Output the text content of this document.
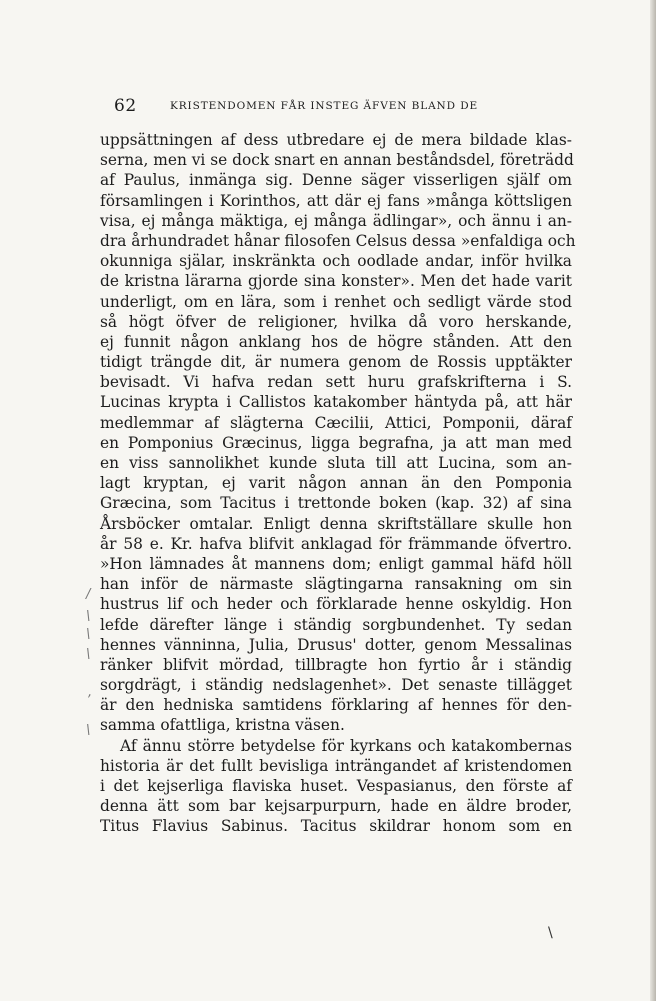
62	KRISTENDOMEN FÅR INSTEG ÄFVEN BLAND DE
uppsättningen af dess utbredare ej de mera bildade klas-
serna, men vi se dock snart en annan beståndsdel, företrädd
af Paulus, inmänga sig. Denne säger visserligen själf om
församlingen i Korinthos, att där ej fans »många köttsligen
visa, ej många mäktiga, ej många ädlingar», och ännu i an-
dra århundradet hånar filosofen Celsus dessa »enfaldiga och
okunniga själar, inskränkta och oodlade andar, inför hvilka
de kristna lärarna gjorde sina konster». Men det hade varit
underligt, om en lära, som i renhet och sedligt värde stod
så högt öfver de religioner, hvilka då voro herskande,
ej funnit någon anklang hos de högre stånden. Att den
tidigt trängde dit, är numera genom de Rossis upptäkter
bevisadt. Vi hafva redan sett huru grafskrifterna i S.
Lucinas krypta i Callistos katakomber häntyda på, att här
medlemmar af slägterna Cæcilii, Attici, Pomponii, däraf
en Pomponius Græcinus, ligga begrafna, ja att man med
en viss sannolikhet kunde sluta till att Lucina, som an-
lagt kryptan, ej varit någon annan än den Pomponia
Græcina, som Tacitus i trettonde boken (kap. 32) af sina
Årsböcker omtalar. Enligt denna skriftställare skulle hon
år 58 e. Kr. hafva blifvit anklagad för främmande öfvertro.
»Hon lämnades åt mannens dom; enligt gammal häfd höll
han inför de närmaste slägtingarna ransakning om sin
hustrus lif och heder och förklarade henne oskyldig. Hon
lefde därefter länge i ständig sorgbundenhet. Ty sedan
hennes vänninna, Julia, Drusus' dotter, genom Messalinas
ränker blifvit mördad, tillbragte hon fyrtio år i ständig
sorgdrägt, i ständig nedslagenhet». Det senaste tillägget
är den hedniska samtidens förklaring af hennes för den-
samma ofattliga, kristna väsen.
Af ännu större betydelse för kyrkans och katakombernas
historia är det fullt bevisliga inträngandet af kristendomen
i det kejserliga flaviska huset. Vespasianus, den förste af
denna ätt som bar kejsarpurpurn, hade en äldre broder,
Titus Flavius Sabinus. Tacitus skildrar honom som en
/
\
\
\
,
\
\
